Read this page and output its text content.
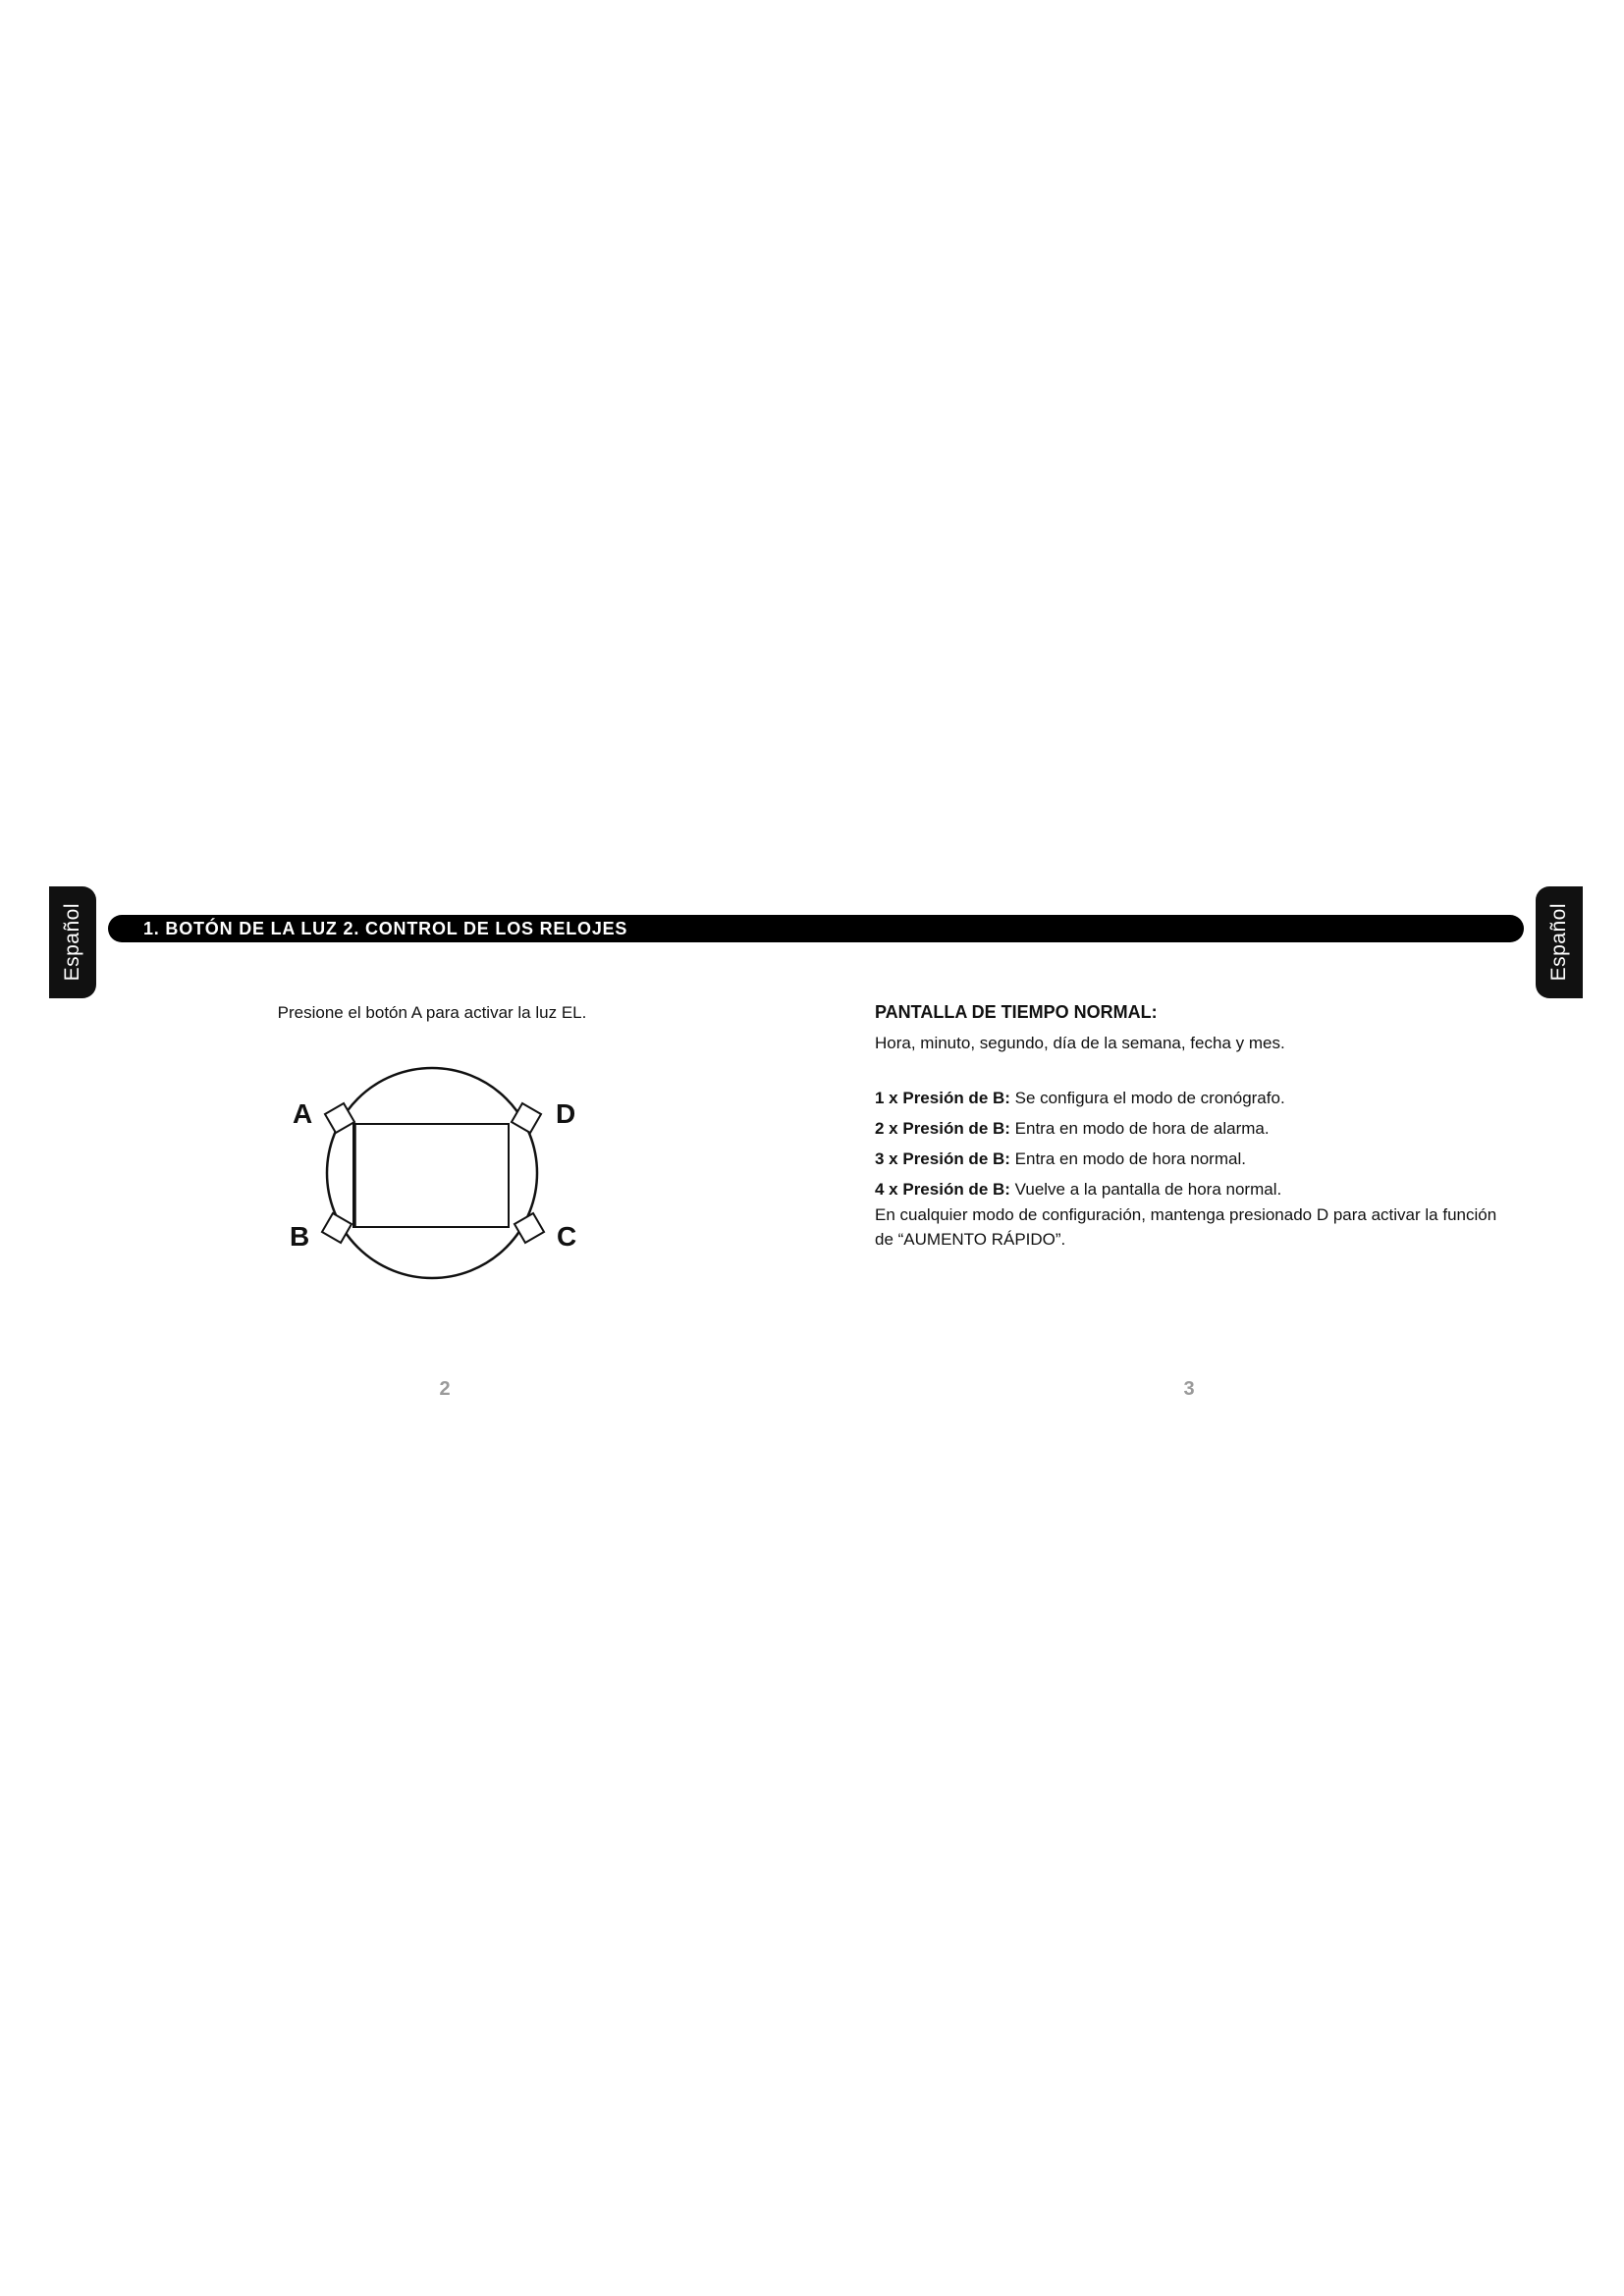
Español	Español
1. BOTÓN DE LA LUZ 2. CONTROL DE LOS RELOJES
Presione el botón A para activar la luz EL.
A	D
B	C

PANTALLA DE TIEMPO NORMAL:

Hora, minuto, segundo, día de la semana, fecha y mes.

1 x Presión de B: Se configura el modo de cronógrafo.

2 x Presión de B: Entra en modo de hora de alarma.

3 x Presión de B: Entra en modo de hora normal.

4 x Presión de B: Vuelve a la pantalla de hora normal.

En cualquier modo de configuración, mantenga presionado D para activar la función de “AUMENTO RÁPIDO”.

2	3
